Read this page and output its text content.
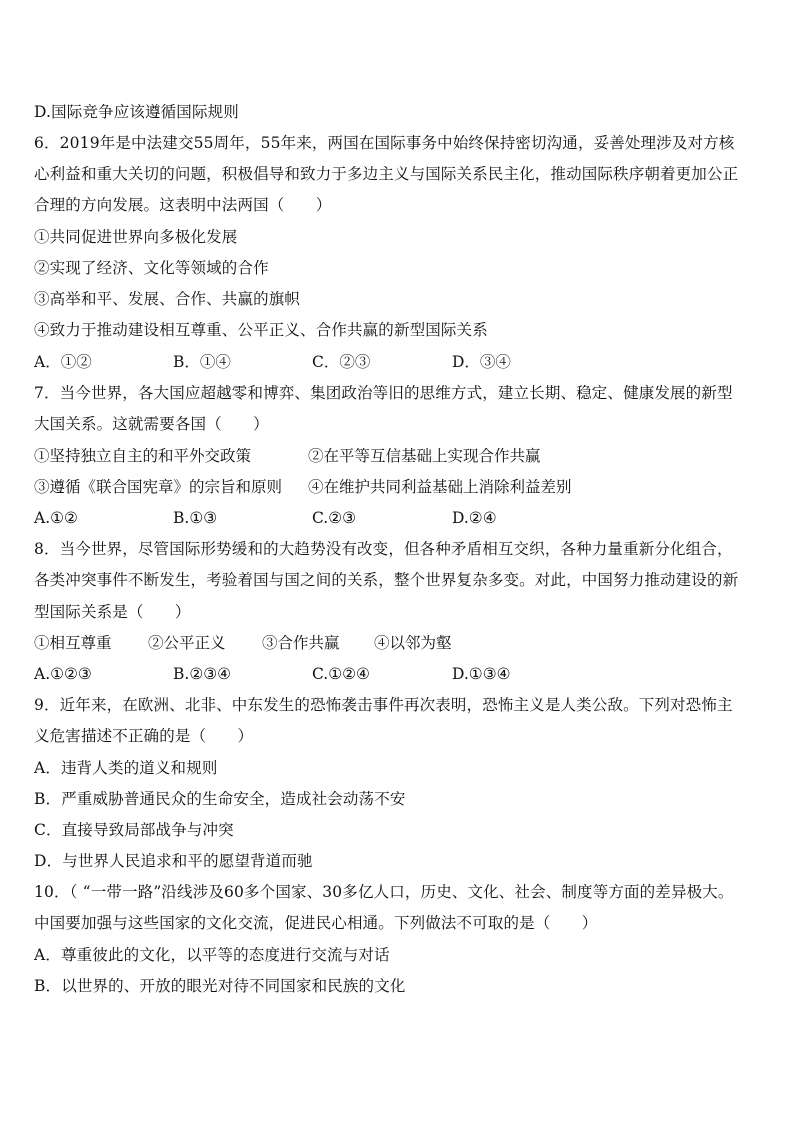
D.国际竞争应该遵循国际规则
6．2019年是中法建交55周年，55年来，两国在国际事务中始终保持密切沟通，妥善处理涉及对方核
心利益和重大关切的问题，积极倡导和致力于多边主义与国际关系民主化，推动国际秩序朝着更加公正
合理的方向发展。这表明中法两国（　　）
①共同促进世界向多极化发展
②实现了经济、文化等领域的合作
③高举和平、发展、合作、共赢的旗帜
④致力于推动建设相互尊重、公平正义、合作共赢的新型国际关系
A．①②	B．①④	C．②③	D．③④
7．当今世界，各大国应超越零和博弈、集团政治等旧的思维方式，建立长期、稳定、健康发展的新型
大国关系。这就需要各国（　　）
①坚持独立自主的和平外交政策	②在平等互信基础上实现合作共赢
③遵循《联合国宪章》的宗旨和原则 ④在维护共同利益基础上消除利益差别
A.①②	B.①③	C.②③	D.②④
8．当今世界，尽管国际形势缓和的大趋势没有改变，但各种矛盾相互交织，各种力量重新分化组合，
各类冲突事件不断发生，考验着国与国之间的关系，整个世界复杂多变。对此，中国努力推动建设的新
型国际关系是（　　）
①相互尊重 ②公平正义 ③合作共赢 ④以邻为壑
A.①②③	B.②③④	C.①②④	D.①③④
9．近年来，在欧洲、北非、中东发生的恐怖袭击事件再次表明，恐怖主义是人类公敌。下列对恐怖主
义危害描述不正确的是（　　）
A．违背人类的道义和规则
B．严重威胁普通民众的生命安全，造成社会动荡不安
C．直接导致局部战争与冲突
D．与世界人民追求和平的愿望背道而驰
10．（ “一带一路”沿线涉及60多个国家、30多亿人口，历史、文化、社会、制度等方面的差异极大。
中国要加强与这些国家的文化交流，促进民心相通。下列做法不可取的是（　　）
A．尊重彼此的文化，以平等的态度进行交流与对话
B．以世界的、开放的眼光对待不同国家和民族的文化
